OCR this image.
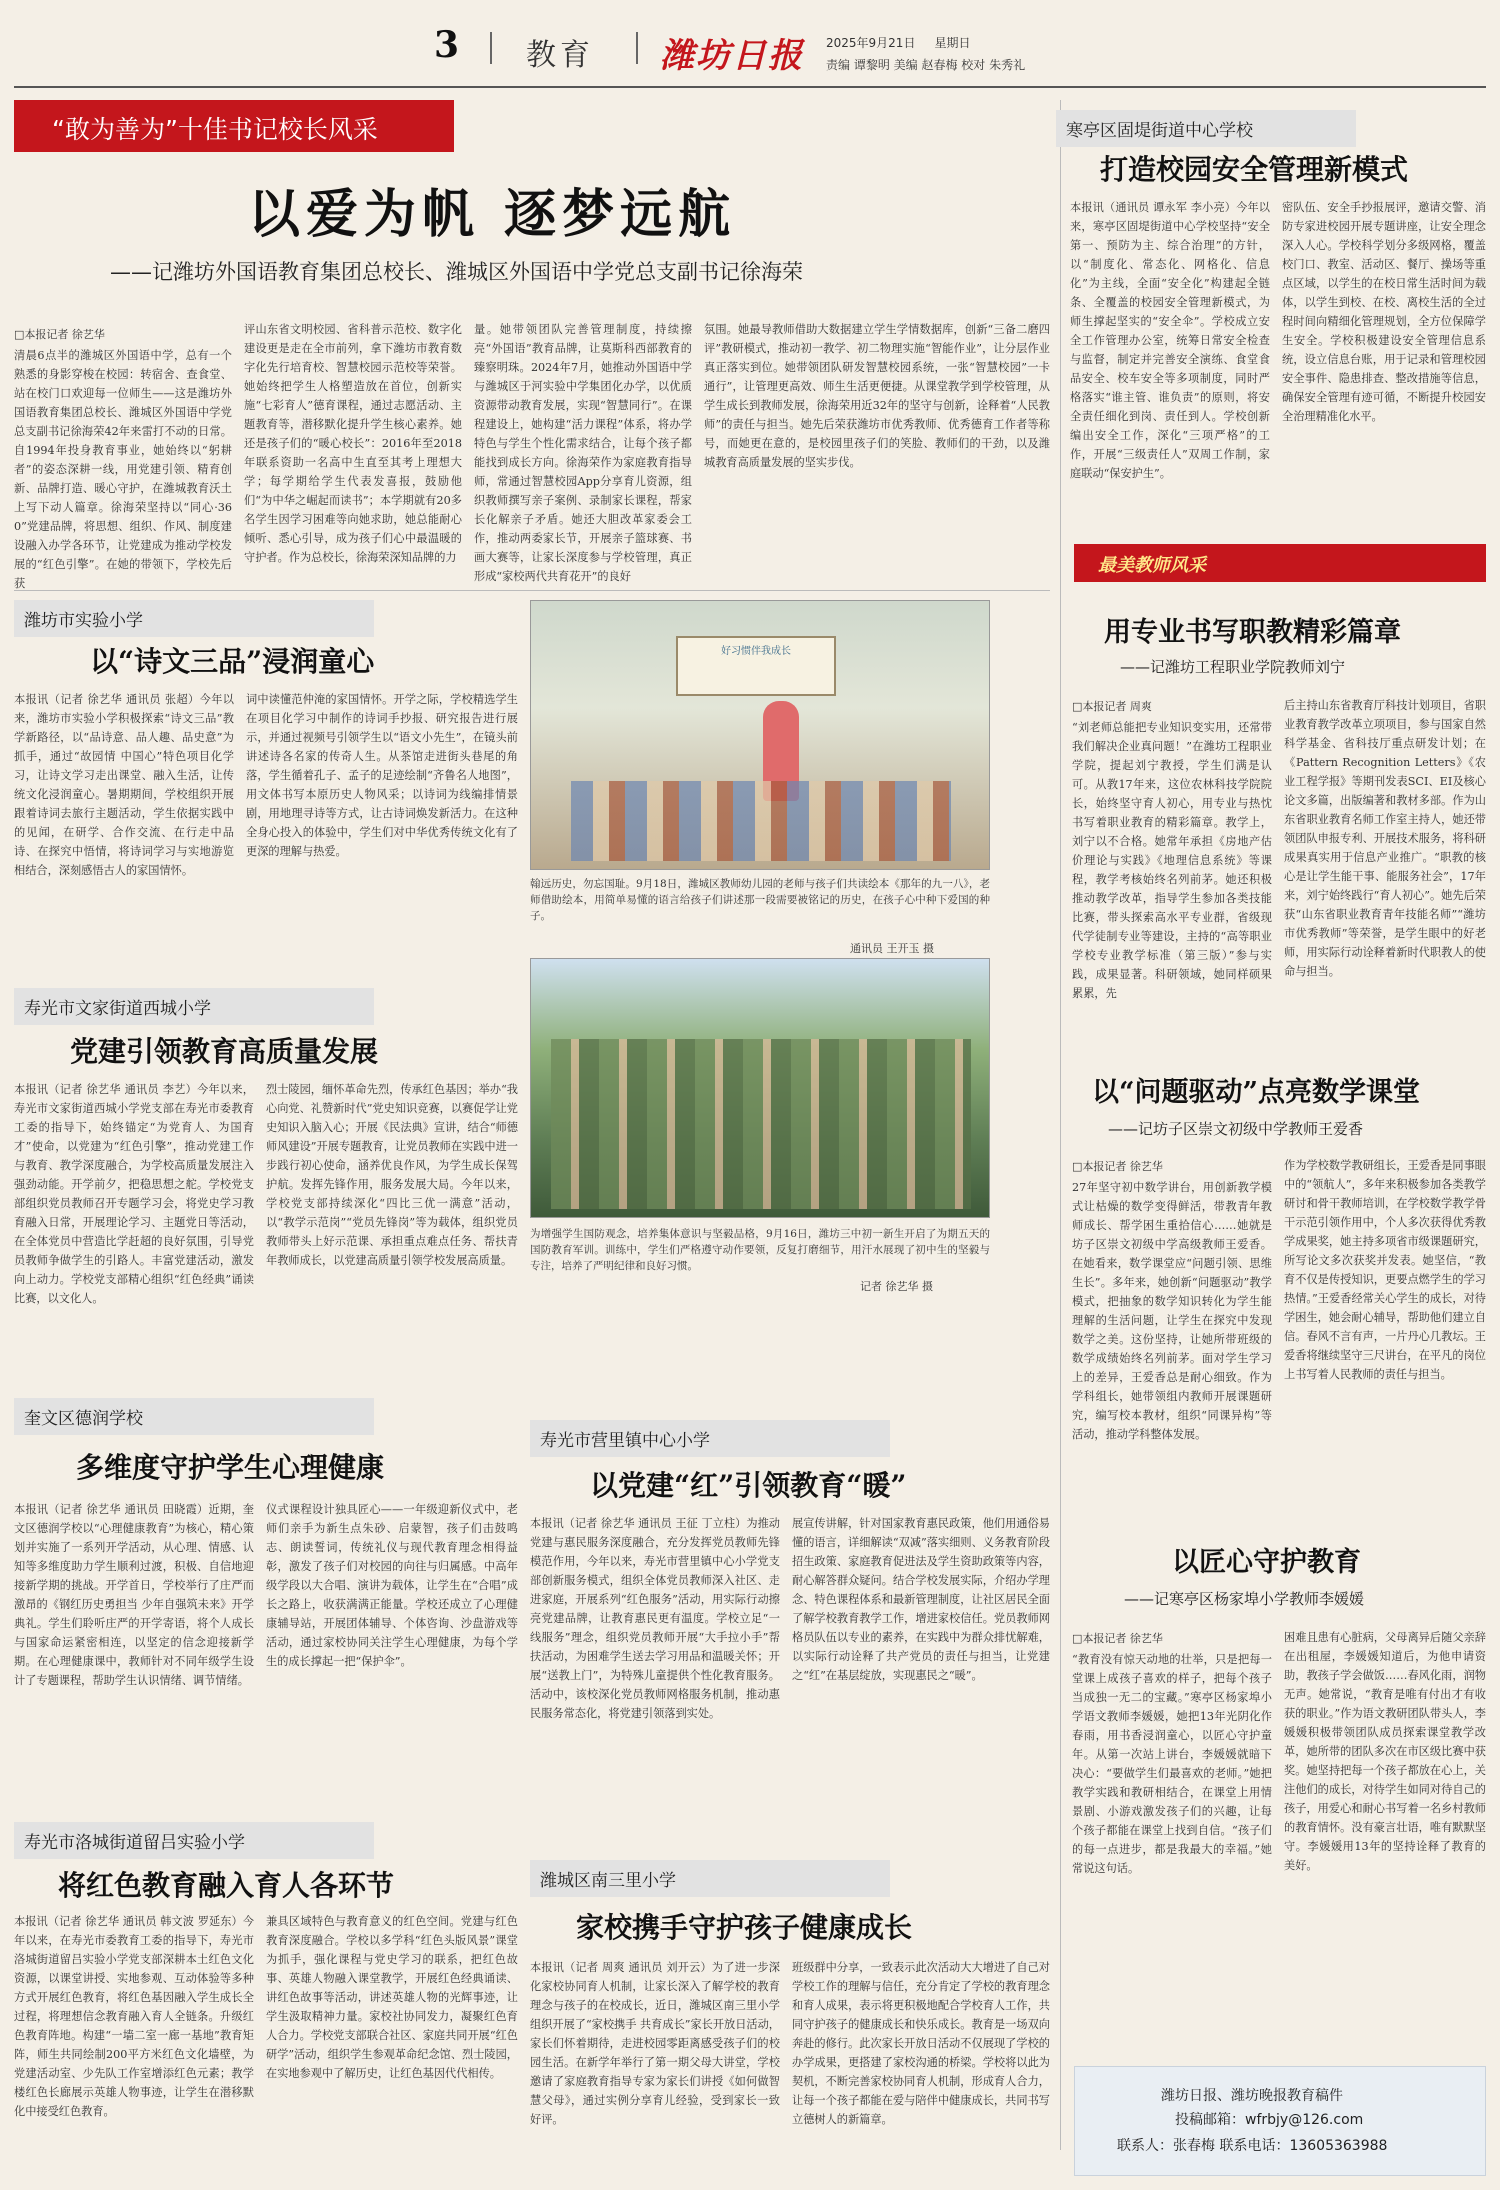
3 教育 潍坊日报 2025年9月21日 星期日
责编 谭黎明 美编 赵春梅 校对 朱秀礼
“敢为善为”十佳书记校长风采
以爱为帆 逐梦远航
——记潍坊外国语教育集团总校长、潍城区外国语中学党总支副书记徐海荣
□本报记者 徐艺华
清晨6点半的潍城区外国语中学，总有一个熟悉的身影穿梭在校园：转宿舍、查食堂、站在校门口欢迎每一位师生——这是潍坊外国语教育集团总校长、潍城区外国语中学党总支副书记徐海荣42年来雷打不动的日常。自1994年投身教育事业，她始终以“躬耕者”的姿态深耕一线，用党建引领、精育创新、品牌打造、暖心守护，在潍城教育沃土上写下动人篇章。徐海荣坚持以“同心·360”党建品牌，将思想、组织、作风、制度建设融入办学各环节，让党建成为推动学校发展的“红色引擎”。在她的带领下，学校先后获
评山东省文明校园、省科普示范校、数字化建设更是走在全市前列，拿下潍坊市教育数字化先行培育校、智慧校园示范校等荣誉。她始终把学生人格塑造放在首位，创新实施“七彩育人”德育课程，通过志愿活动、主题教育等，潜移默化提升学生核心素养。她还是孩子们的“暖心校长”：2016年至2018年联系资助一名高中生直至其考上理想大学；每学期给学生代表发喜报，鼓励他们“为中华之崛起而读书”；本学期就有20多名学生因学习困难等向她求助，她总能耐心倾听、悉心引导，成为孩子们心中最温暖的守护者。作为总校长，徐海荣深知品牌的力
量。她带领团队完善管理制度，持续擦亮“外国语”教育品牌，让莫斯科西部教育的臻察明珠。2024年7月，她推动外国语中学与潍城区于河实验中学集团化办学，以优质资源带动教育发展，实现“智慧同行”。在课程建设上，她构建“活力课程”体系，将办学特色与学生个性化需求结合，让每个孩子都能找到成长方向。徐海荣作为家庭教育指导师，常通过智慧校园App分享育儿资源，组织教师撰写亲子案例、录制家长课程，帮家长化解亲子矛盾。她还大胆改革家委会工作，推动两委家长节，开展亲子篮球赛、书画大赛等，让家长深度参与学校管理，真正形成“家校两代共育花开”的良好
氛围。她最导教师借助大数据建立学生学情数据库，创新“三备二磨四评”教研模式，推动初一教学、初二物理实施“智能作业”，让分层作业真正落实到位。她带领团队研发智慧校园系统，一张“智慧校园”一卡通行”，让管理更高效、师生生活更便捷。从课堂教学到学校管理，从学生成长到教师发展，徐海荣用近32年的坚守与创新，诠释着“人民教师”的责任与担当。她先后荣获潍坊市优秀教师、优秀德育工作者等称号，而她更在意的，是校园里孩子们的笑脸、教师们的干劲，以及潍城教育高质量发展的坚实步伐。
寒亭区固堤街道中心学校
打造校园安全管理新模式
本报讯（通讯员 谭永军 李小亮）今年以来，寒亭区固堤街道中心学校坚持“安全第一、预防为主、综合治理”的方针，以“制度化、常态化、网格化、信息化”为主线，全面“安全化”构建起全链条、全覆盖的校园安全管理新模式，为师生撑起坚实的“安全伞”。学校成立安全工作管理办公室，统筹日常安全检查与监督，制定并完善安全演练、食堂食品安全、校车安全等多项制度，同时严格落实“谁主管、谁负责”的原则，将安全责任细化到岗、责任到人。学校创新编出安全工作，深化“三项严格”的工作，开展“三级责任人”双周工作制，家庭联动“保安护生”。
密队伍、安全手抄报展评，邀请交警、消防专家进校园开展专题讲座，让安全理念深入人心。学校科学划分多级网格，覆盖校门口、教室、活动区、餐厅、操场等重点区域，以学生的在校日常生活时间为载体，以学生到校、在校、离校生活的全过程时间向精细化管理规划，全方位保障学生安全。学校积极建设安全管理信息系统，设立信息台账，用于记录和管理校园安全事件、隐患排查、整改措施等信息，确保安全管理有迹可循，不断提升校园安全治理精准化水平。
最美教师风采
用专业书写职教精彩篇章
——记潍坊工程职业学院教师刘宁
□本报记者 周爽
“刘老师总能把专业知识变实用，还常带我们解决企业真问题！”在潍坊工程职业学院，提起刘宁教授，学生们满是认可。从教17年来，这位农林科技学院院长，始终坚守育人初心，用专业与热忱书写着职业教育的精彩篇章。教学上，刘宁以不合格。她常年承担《房地产估价理论与实践》《地理信息系统》等课程，教学考核始终名列前茅。她还积极推动教学改革，指导学生参加各类技能比赛，带头探索高水平专业群，省级现代学徒制专业等建设，主持的“高等职业学校专业教学标准（第三版）”参与实践，成果显著。科研领域，她同样硕果累累，先
后主持山东省教育厅科技计划项目，省职业教育教学改革立项项目，参与国家自然科学基金、省科技厅重点研发计划；在《Pattern Recognition Letters》《农业工程学报》等期刊发表SCI、EI及核心论文多篇，出版编著和教材多部。作为山东省职业教育名师工作室主持人，她还带领团队申报专利、开展技术服务，将科研成果真实用于信息产业推广。“职教的核心是让学生能干事、能服务社会”，17年来，刘宁始终践行“育人初心”。她先后荣获“山东省职业教育青年技能名师”“潍坊市优秀教师”等荣誉，是学生眼中的好老师，用实际行动诠释着新时代职教人的使命与担当。
以“问题驱动”点亮数学课堂
——记坊子区崇文初级中学教师王爱香
□本报记者 徐艺华
27年坚守初中数学讲台，用创新教学模式让枯燥的数学变得鲜活，带教青年教师成长、帮学困生重拾信心……她就是坊子区崇文初级中学高级教师王爱香。在她看来，数学课堂应“问题引领、思维生长”。多年来，她创新“问题驱动”教学模式，把抽象的数学知识转化为学生能理解的生活问题，让学生在探究中发现数学之美。这份坚持，让她所带班级的数学成绩始终名列前茅。面对学生学习上的差异，王爱香总是耐心细致。作为学科组长，她带领组内教师开展课题研究，编写校本教材，组织“同课异构”等活动，推动学科整体发展。
作为学校数学教研组长，王爱香是同事眼中的“领航人”，多年来积极参加各类教学研讨和骨干教师培训，在学校数学教学骨干示范引领作用中，个人多次获得优秀教学成果奖，她主持多项省市级课题研究，所写论文多次获奖并发表。她坚信，“教育不仅是传授知识，更要点燃学生的学习热情。”王爱香经常关心学生的成长，对待学困生，她会耐心辅导，帮助他们建立自信。春风不言有声，一片丹心几教坛。王爱香将继续坚守三尺讲台，在平凡的岗位上书写着人民教师的责任与担当。
以匠心守护教育
——记寒亭区杨家埠小学教师李媛媛
□本报记者 徐艺华
“教育没有惊天动地的壮举，只是把每一堂课上成孩子喜欢的样子，把每个孩子当成独一无二的宝藏。”寒亭区杨家埠小学语文教师李媛媛，她把13年光阴化作春雨，用书香浸润童心，以匠心守护童年。从第一次站上讲台，李媛媛就暗下决心：“要做学生们最喜欢的老师。”她把教学实践和教研相结合，在课堂上用情景剧、小游戏激发孩子们的兴趣，让每个孩子都能在课堂上找到自信。“孩子们的每一点进步，都是我最大的幸福。”她常说这句话。
困难且患有心脏病，父母离异后随父亲辞在出租屋，李媛媛知道后，为他申请资助，教孩子学会做饭……春风化雨，润物无声。她常说，“教育是唯有付出才有收获的职业。”作为语文教研团队带头人，李媛媛积极带领团队成员探索课堂教学改革，她所带的团队多次在市区级比赛中获奖。她坚持把每一个孩子都放在心上，关注他们的成长，对待学生如同对待自己的孩子，用爱心和耐心书写着一名乡村教师的教育情怀。没有豪言壮语，唯有默默坚守。李媛媛用13年的坚持诠释了教育的美好。
潍坊日报、潍坊晚报教育稿件
投稿邮箱：wfrbjy@126.com
联系人：张春梅 联系电话：13605363988
潍坊市实验小学
以“诗文三品”浸润童心
本报讯（记者 徐艺华 通讯员 张超）今年以来，潍坊市实验小学积极探索“诗文三品”教学新路径，以“品诗意、品人趣、品史意”为抓手，通过“故园情 中国心”特色项目化学习，让诗文学习走出课堂、融入生活，让传统文化浸润童心。暑期期间，学校组织开展跟着诗词去旅行主题活动，学生依据实践中的见闻，在研学、合作交流、在行走中品诗、在探究中悟情，将诗词学习与实地游览相结合，深刻感悟古人的家国情怀。
词中读懂范仲淹的家国情怀。开学之际，学校精选学生在项目化学习中制作的诗词手抄报、研究报告进行展示，并通过视频号引领学生以“语文小先生”，在镜头前讲述诗各名家的传奇人生。从茶馆走进街头巷尾的角落，学生循着孔子、孟子的足迹绘制“齐鲁名人地图”，用文体书写本原历史人物风采；以诗词为线编排情景剧，用地理寻诗等方式，让古诗词焕发新活力。在这种全身心投入的体验中，学生们对中华优秀传统文化有了更深的理解与热爱。
好习惯伴我成长
翰远历史，勿忘国耻。9月18日，潍城区教师幼儿园的老师与孩子们共读绘本《那年的九一八》，老师借助绘本，用简单易懂的语言给孩子们讲述那一段需要被铭记的历史，在孩子心中种下爱国的种子。
通讯员 王开玉 摄
为增强学生国防观念，培养集体意识与坚毅品格，9月16日，潍坊三中初一新生开启了为期五天的国防教育军训。训练中，学生们严格遵守动作要领，反复打磨细节，用汗水展现了初中生的坚毅与专注，培养了严明纪律和良好习惯。
记者 徐艺华 摄
寿光市文家街道西城小学
党建引领教育高质量发展
本报讯（记者 徐艺华 通讯员 李艺）今年以来，寿光市文家街道西城小学党支部在寿光市委教育工委的指导下，始终锚定“为党育人、为国育才”使命，以党建为“红色引擎”，推动党建工作与教育、教学深度融合，为学校高质量发展注入强劲动能。开学前夕，把稳思想之舵。学校党支部组织党员教师召开专题学习会，将党史学习教育融入日常，开展理论学习、主题党日等活动，在全体党员中营造比学赶超的良好氛围，引导党员教师争做学生的引路人。丰富党建活动，激发向上动力。学校党支部精心组织“红色经典”诵读比赛，以文化人。
烈士陵园，缅怀革命先烈，传承红色基因；举办“我心向党、礼赞新时代”党史知识竞赛，以赛促学让党史知识入脑入心；开展《民法典》宣讲，结合“师德师风建设”开展专题教育，让党员教师在实践中进一步践行初心使命，涵养优良作风，为学生成长保驾护航。发挥先锋作用，服务发展大局。今年以来，学校党支部持续深化“四比三优一满意”活动，以“教学示范岗”“党员先锋岗”等为载体，组织党员教师带头上好示范课、承担重点难点任务、帮扶青年教师成长，以党建高质量引领学校发展高质量。
奎文区德润学校
多维度守护学生心理健康
本报讯（记者 徐艺华 通讯员 田晓霞）近期，奎文区德润学校以“心理健康教育”为核心，精心策划并实施了一系列开学活动，从心理、情感、认知等多维度助力学生顺利过渡，积极、自信地迎接新学期的挑战。开学首日，学校举行了庄严而激昂的《钢红历史勇担当 少年自强筑未来》开学典礼。学生们聆听庄严的开学寄语，将个人成长与国家命运紧密相连，以坚定的信念迎接新学期。在心理健康课中，教师针对不同年级学生设计了专题课程，帮助学生认识情绪、调节情绪。
仪式课程设计独具匠心——一年级迎新仪式中，老师们亲手为新生点朱砂、启蒙智，孩子们击鼓鸣志、朗读誓词，传统礼仪与现代教育理念相得益彰，激发了孩子们对校园的向往与归属感。中高年级学段以大合唱、演讲为载体，让学生在“合唱”成长之路上，收获满满正能量。学校还成立了心理健康辅导站，开展团体辅导、个体咨询、沙盘游戏等活动，通过家校协同关注学生心理健康，为每个学生的成长撑起一把“保护伞”。
寿光市营里镇中心小学
以党建“红”引领教育“暖”
本报讯（记者 徐艺华 通讯员 王征 丁立柱）为推动党建与惠民服务深度融合，充分发挥党员教师先锋模范作用，今年以来，寿光市营里镇中心小学党支部创新服务模式，组织全体党员教师深入社区、走进家庭，开展系列“红色服务”活动，用实际行动擦亮党建品牌，让教育惠民更有温度。学校立足“一线服务”理念，组织党员教师开展“大手拉小手”帮扶活动，为困难学生送去学习用品和温暖关怀；开展“送教上门”，为特殊儿童提供个性化教育服务。活动中，该校深化党员教师网格服务机制，推动惠民服务常态化，将党建引领落到实处。
展宣传讲解，针对国家教育惠民政策，他们用通俗易懂的语言，详细解读“双减”落实细则、义务教育阶段招生政策、家庭教育促进法及学生资助政策等内容，耐心解答群众疑问。结合学校发展实际，介绍办学理念、特色课程体系和最新管理制度，让社区居民全面了解学校教育教学工作，增进家校信任。党员教师网格员队伍以专业的素养，在实践中为群众排忧解难，以实际行动诠释了共产党员的责任与担当，让党建之“红”在基层绽放，实现惠民之“暖”。
寿光市洛城街道留吕实验小学
将红色教育融入育人各环节
本报讯（记者 徐艺华 通讯员 韩文波 罗延东）今年以来，在寿光市委教育工委的指导下，寿光市洛城街道留吕实验小学党支部深耕本土红色文化资源，以课堂讲授、实地参观、互动体验等多种方式开展红色教育，将红色基因融入学生成长全过程，将理想信念教育融入育人全链条。升级红色教育阵地。构建“一墙二室一廊一基地”教育矩阵，师生共同绘制200平方米红色文化墙壁，为党建活动室、少先队工作室增添红色元素；教学楼红色长廊展示英雄人物事迹，让学生在潜移默化中接受红色教育。
兼具区域特色与教育意义的红色空间。党建与红色教育深度融合。学校以多学科“红色头版风景”课堂为抓手，强化课程与党史学习的联系，把红色故事、英雄人物融入课堂教学，开展红色经典诵读、讲红色故事等活动，讲述英雄人物的光辉事迹，让学生汲取精神力量。家校社协同发力，凝聚红色育人合力。学校党支部联合社区、家庭共同开展“红色研学”活动，组织学生参观革命纪念馆、烈士陵园，在实地参观中了解历史，让红色基因代代相传。
潍城区南三里小学
家校携手守护孩子健康成长
本报讯（记者 周爽 通讯员 刘开云）为了进一步深化家校协同育人机制，让家长深入了解学校的教育理念与孩子的在校成长，近日，潍城区南三里小学组织开展了“家校携手 共育成长”家长开放日活动，家长们怀着期待，走进校园零距离感受孩子们的校园生活。在新学年举行了第一期父母大讲堂，学校邀请了家庭教育指导专家为家长们讲授《如何做智慧父母》，通过实例分享育儿经验，受到家长一致好评。
班级群中分享，一致表示此次活动大大增进了自己对学校工作的理解与信任，充分肯定了学校的教育理念和育人成果，表示将更积极地配合学校育人工作，共同守护孩子的健康成长和快乐成长。教育是一场双向奔赴的修行。此次家长开放日活动不仅展现了学校的办学成果，更搭建了家校沟通的桥梁。学校将以此为契机，不断完善家校协同育人机制，形成育人合力，让每一个孩子都能在爱与陪伴中健康成长，共同书写立德树人的新篇章。
